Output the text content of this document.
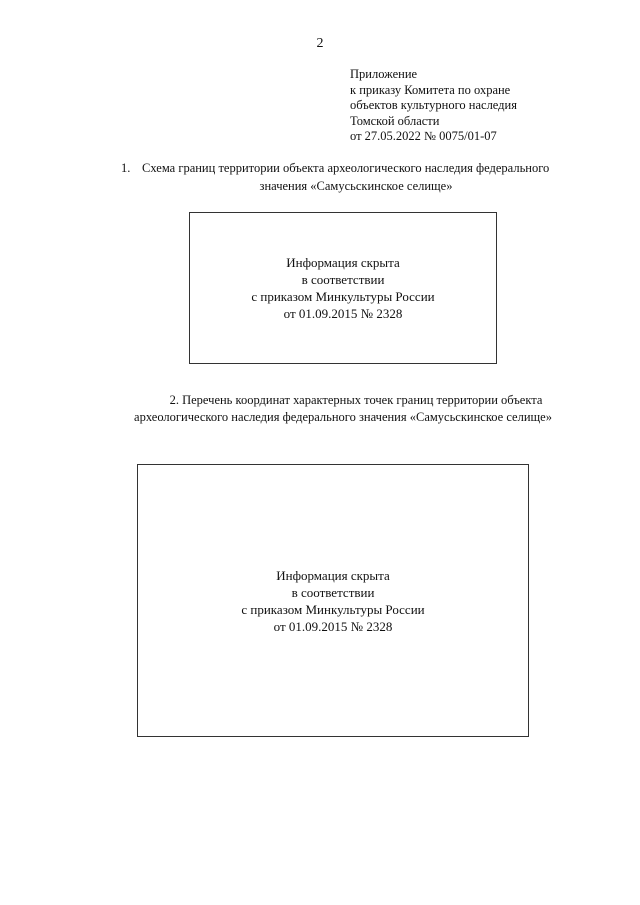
2
Приложение
к приказу Комитета по охране
объектов культурного наследия
Томской области
от 27.05.2022 № 0075/01-07
1. Схема границ территории объекта археологического наследия федерального
значения «Самусьскинское селище»
Информация скрыта
в соответствии
с приказом Минкультуры России
от 01.09.2015 № 2328
2. Перечень координат характерных точек границ территории объекта
археологического наследия федерального значения «Самусьскинское селище»
Информация скрыта
в соответствии
с приказом Минкультуры России
от 01.09.2015 № 2328
